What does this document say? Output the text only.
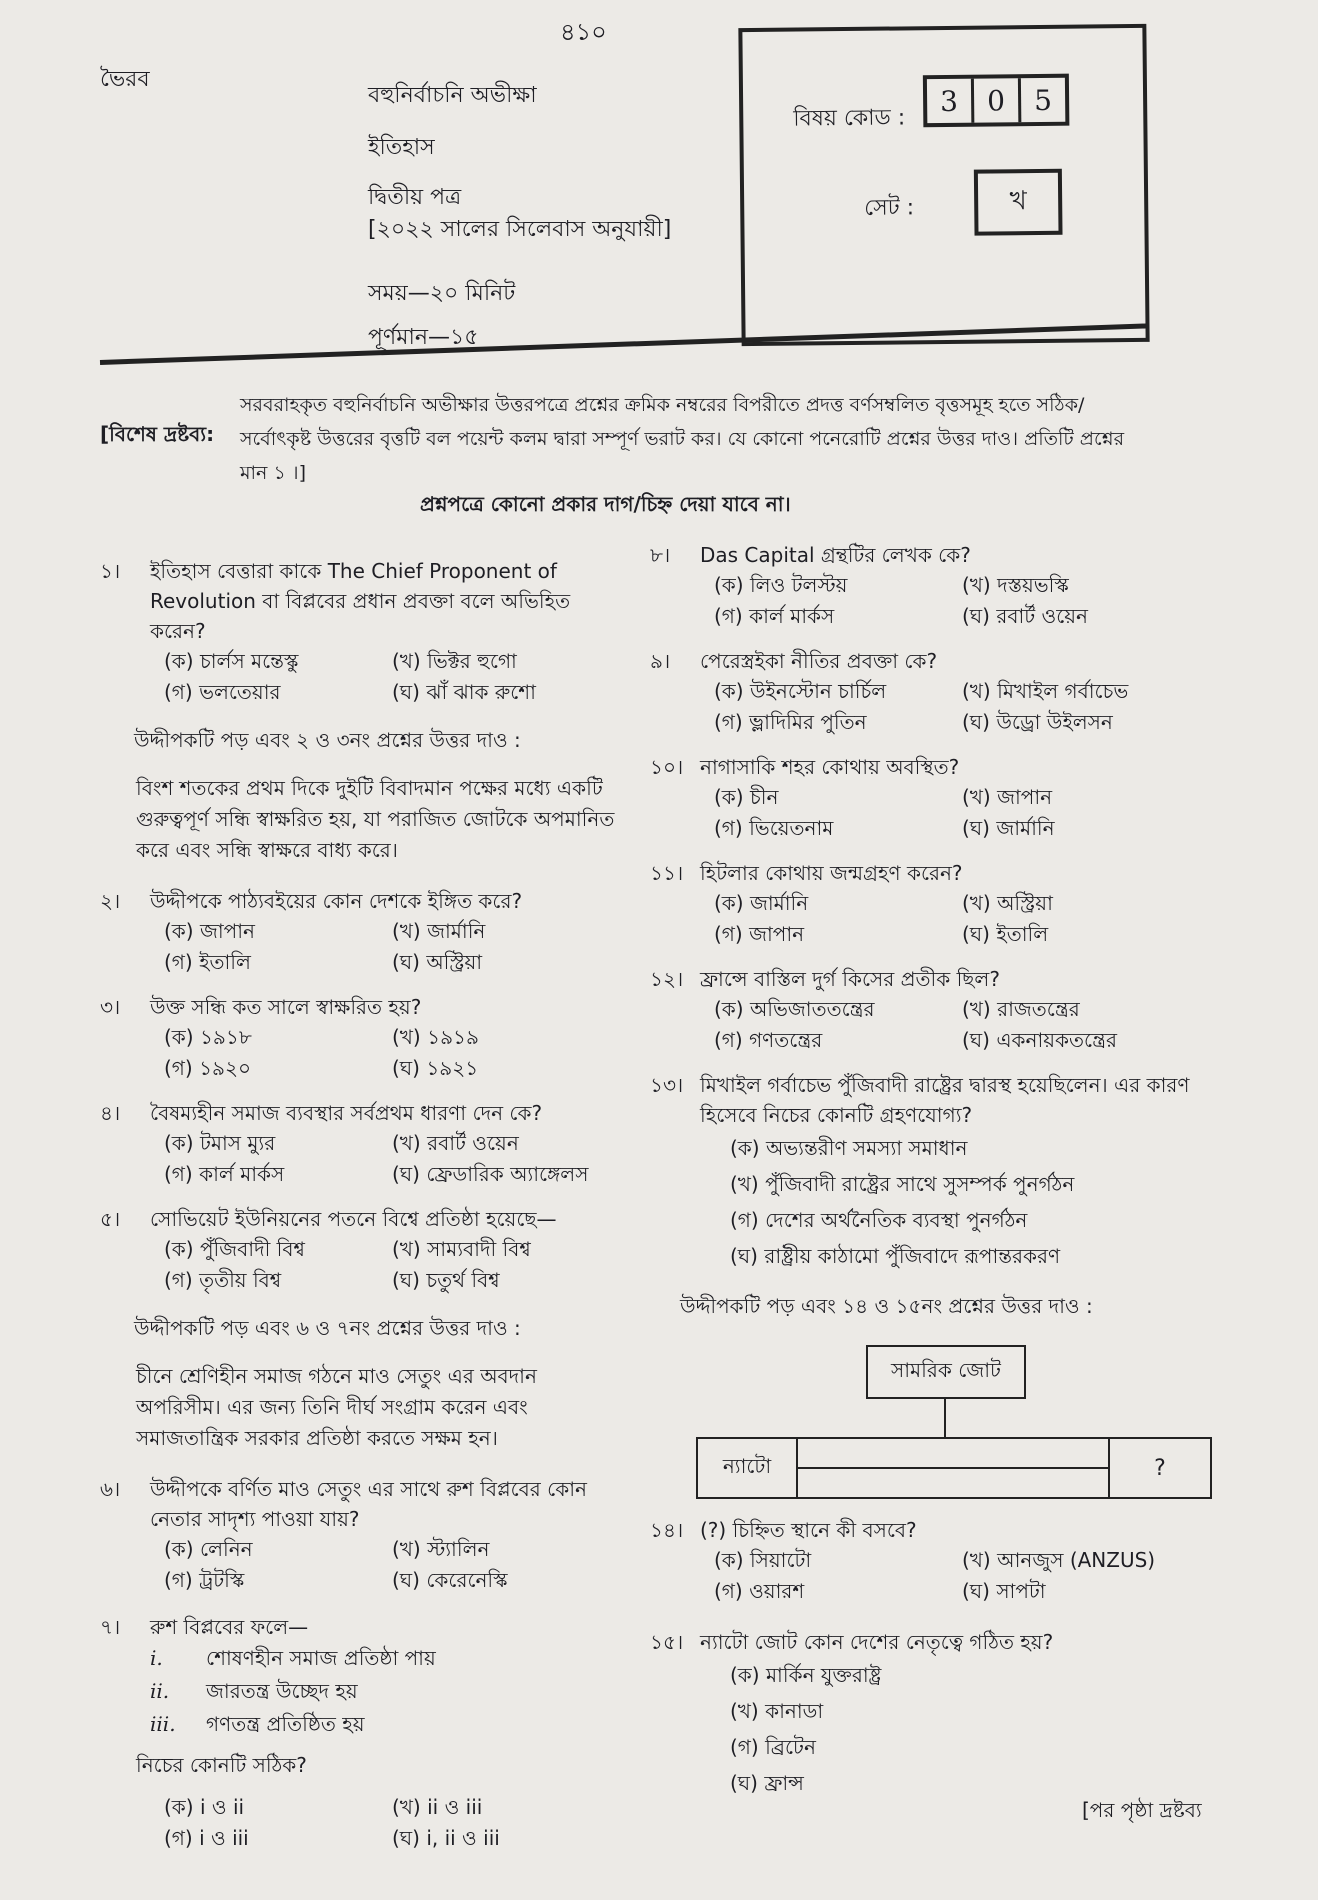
৪১০
ভৈরব
বহুনির্বাচনি অভীক্ষা
ইতিহাস
দ্বিতীয় পত্র
[২০২২ সালের সিলেবাস অনুযায়ী]
সময়—২০ মিনিট
পূর্ণমান—১৫
বিষয় কোড :
3	0	5
সেট :	খ
[বিশেষ দ্রষ্টব্য:
সরবরাহকৃত বহুনির্বাচনি অভীক্ষার উত্তরপত্রে প্রশ্নের ক্রমিক নম্বরের বিপরীতে প্রদত্ত বর্ণসম্বলিত বৃত্তসমূহ হতে সঠিক/সর্বোৎকৃষ্ট উত্তরের বৃত্তটি বল পয়েন্ট কলম দ্বারা সম্পূর্ণ ভরাট কর। যে কোনো পনেরোটি প্রশ্নের উত্তর দাও। প্রতিটি প্রশ্নের মান ১ ।]
প্রশ্নপত্রে কোনো প্রকার দাগ/চিহ্ন দেয়া যাবে না।
১।	ইতিহাস বেত্তারা কাকে The Chief Proponent of Revolution বা বিপ্লবের প্রধান প্রবক্তা বলে অভিহিত করেন?
(ক) চার্লস মন্তেস্কু	(খ) ভিক্টর হুগো
(গ) ভলতেয়ার	(ঘ) ঝাঁ ঝাক রুশো
উদ্দীপকটি পড় এবং ২ ও ৩নং প্রশ্নের উত্তর দাও :
বিংশ শতকের প্রথম দিকে দুইটি বিবাদমান পক্ষের মধ্যে একটি গুরুত্বপূর্ণ সন্ধি স্বাক্ষরিত হয়, যা পরাজিত জোটকে অপমানিত করে এবং সন্ধি স্বাক্ষরে বাধ্য করে।
২।	উদ্দীপকে পাঠ্যবইয়ের কোন দেশকে ইঙ্গিত করে?
(ক) জাপান	(খ) জার্মানি
(গ) ইতালি	(ঘ) অস্ট্রিয়া
৩।	উক্ত সন্ধি কত সালে স্বাক্ষরিত হয়?
(ক) ১৯১৮	(খ) ১৯১৯
(গ) ১৯২০	(ঘ) ১৯২১
৪।	বৈষম্যহীন সমাজ ব্যবস্থার সর্বপ্রথম ধারণা দেন কে?
(ক) টমাস ম্যুর	(খ) রবার্ট ওয়েন
(গ) কার্ল মার্কস	(ঘ) ফ্রেডারিক অ্যাঙ্গেলস
৫।	সোভিয়েট ইউনিয়নের পতনে বিশ্বে প্রতিষ্ঠা হয়েছে—
(ক) পুঁজিবাদী বিশ্ব	(খ) সাম্যবাদী বিশ্ব
(গ) তৃতীয় বিশ্ব	(ঘ) চতুর্থ বিশ্ব
উদ্দীপকটি পড় এবং ৬ ও ৭নং প্রশ্নের উত্তর দাও :
চীনে শ্রেণিহীন সমাজ গঠনে মাও সেতুং এর অবদান অপরিসীম। এর জন্য তিনি দীর্ঘ সংগ্রাম করেন এবং সমাজতান্ত্রিক সরকার প্রতিষ্ঠা করতে সক্ষম হন।
৬।	উদ্দীপকে বর্ণিত মাও সেতুং এর সাথে রুশ বিপ্লবের কোন নেতার সাদৃশ্য পাওয়া যায়?
(ক) লেনিন	(খ) স্ট্যালিন
(গ) ট্রটস্কি	(ঘ) কেরেনেস্কি
৭।	রুশ বিপ্লবের ফলে—
i. শোষণহীন সমাজ প্রতিষ্ঠা পায়
ii. জারতন্ত্র উচ্ছেদ হয়
iii. গণতন্ত্র প্রতিষ্ঠিত হয়
নিচের কোনটি সঠিক?
(ক) i ও ii	(খ) ii ও iii
(গ) i ও iii	(ঘ) i, ii ও iii
৮।	Das Capital গ্রন্থটির লেখক কে?
(ক) লিও টলস্টয়	(খ) দস্তয়ভস্কি
(গ) কার্ল মার্কস	(ঘ) রবার্ট ওয়েন
৯।	পেরেস্ত্রইকা নীতির প্রবক্তা কে?
(ক) উইনস্টোন চার্চিল	(খ) মিখাইল গর্বাচেভ
(গ) ভ্লাদিমির পুতিন	(ঘ) উড্রো উইলসন
১০। নাগাসাকি শহর কোথায় অবস্থিত?
(ক) চীন	(খ) জাপান
(গ) ভিয়েতনাম	(ঘ) জার্মানি
১১। হিটলার কোথায় জন্মগ্রহণ করেন?
(ক) জার্মানি	(খ) অস্ট্রিয়া
(গ) জাপান	(ঘ) ইতালি
১২। ফ্রান্সে বাস্তিল দুর্গ কিসের প্রতীক ছিল?
(ক) অভিজাততন্ত্রের	(খ) রাজতন্ত্রের
(গ) গণতন্ত্রের	(ঘ) একনায়কতন্ত্রের
১৩। মিখাইল গর্বাচেভ পুঁজিবাদী রাষ্ট্রের দ্বারস্থ হয়েছিলেন। এর কারণ হিসেবে নিচের কোনটি গ্রহণযোগ্য?
(ক) অভ্যন্তরীণ সমস্যা সমাধান
(খ) পুঁজিবাদী রাষ্ট্রের সাথে সুসম্পর্ক পুনর্গঠন
(গ) দেশের অর্থনৈতিক ব্যবস্থা পুনর্গঠন
(ঘ) রাষ্ট্রীয় কাঠামো পুঁজিবাদে রূপান্তরকরণ
উদ্দীপকটি পড় এবং ১৪ ও ১৫নং প্রশ্নের উত্তর দাও :
সামরিক জোট
ন্যাটো	?
১৪। (?) চিহ্নিত স্থানে কী বসবে?
(ক) সিয়াটো	(খ) আনজুস (ANZUS)
(গ) ওয়ারশ	(ঘ) সাপটা
১৫। ন্যাটো জোট কোন দেশের নেতৃত্বে গঠিত হয়?
(ক) মার্কিন যুক্তরাষ্ট্র
(খ) কানাডা
(গ) ব্রিটেন
(ঘ) ফ্রান্স
[পর পৃষ্ঠা দ্রষ্টব্য
